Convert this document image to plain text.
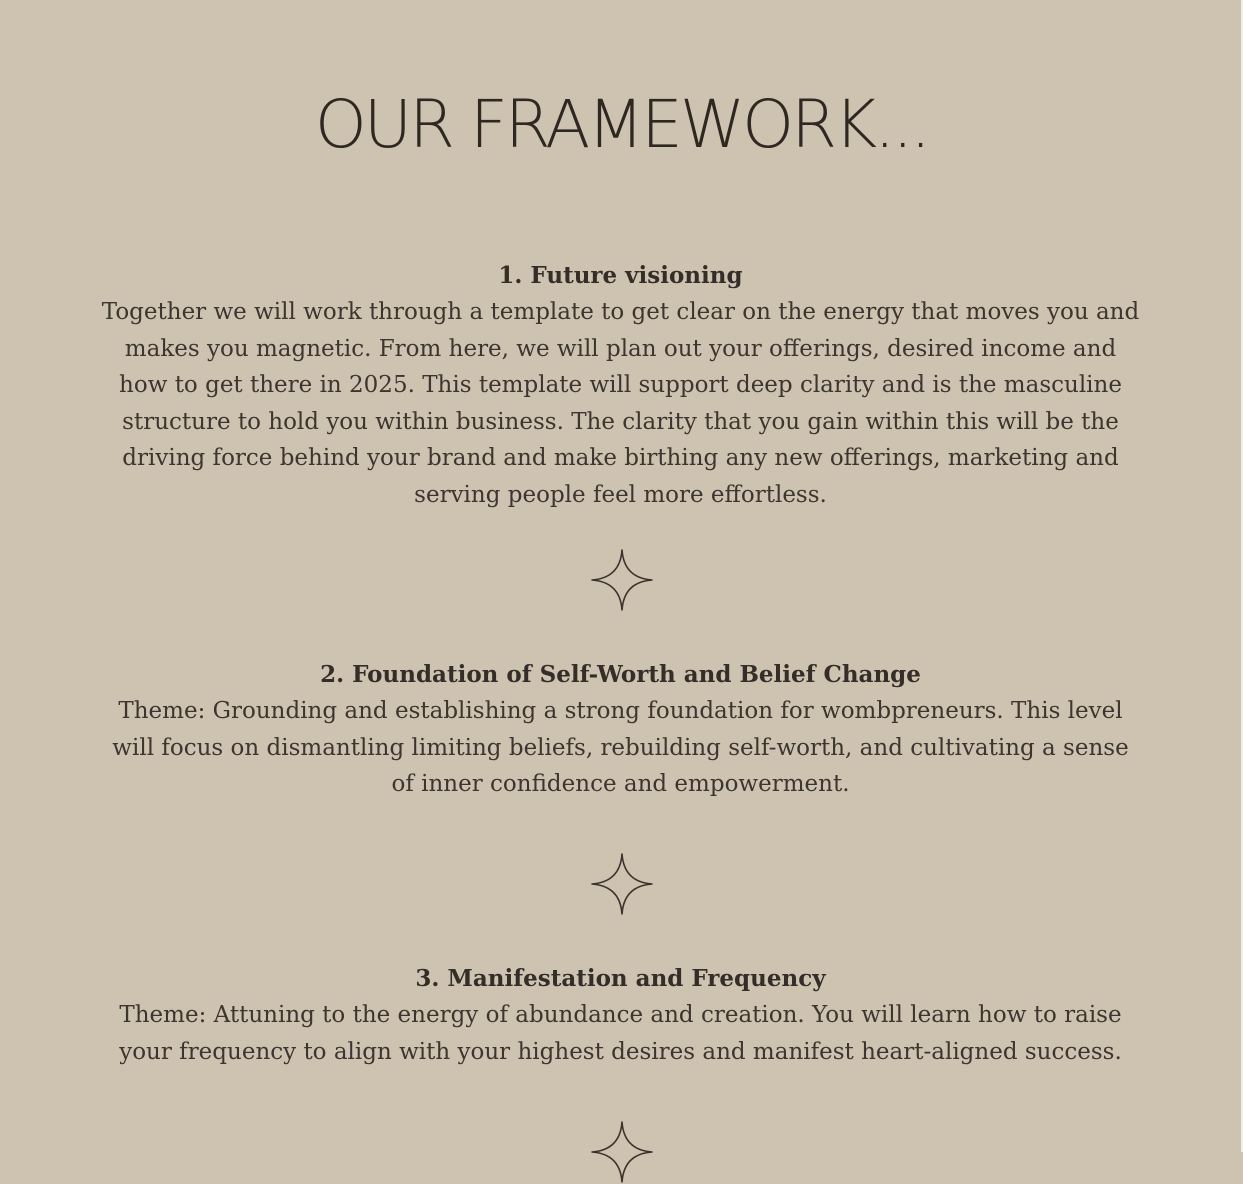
OUR FRAMEWORK...
1. Future visioning

Together we will work through a template to get clear on the energy that moves you and makes you magnetic. From here, we will plan out your offerings, desired income and how to get there in 2025. This template will support deep clarity and is the masculine structure to hold you within business. The clarity that you gain within this will be the driving force behind your brand and make birthing any new offerings, marketing and serving people feel more effortless.

2. Foundation of Self-Worth and Belief Change

Theme: Grounding and establishing a strong foundation for wombpreneurs. This level will focus on dismantling limiting beliefs, rebuilding self-worth, and cultivating a sense of inner confidence and empowerment.

3. Manifestation and Frequency

Theme: Attuning to the energy of abundance and creation. You will learn how to raise your frequency to align with your highest desires and manifest heart-aligned success.
